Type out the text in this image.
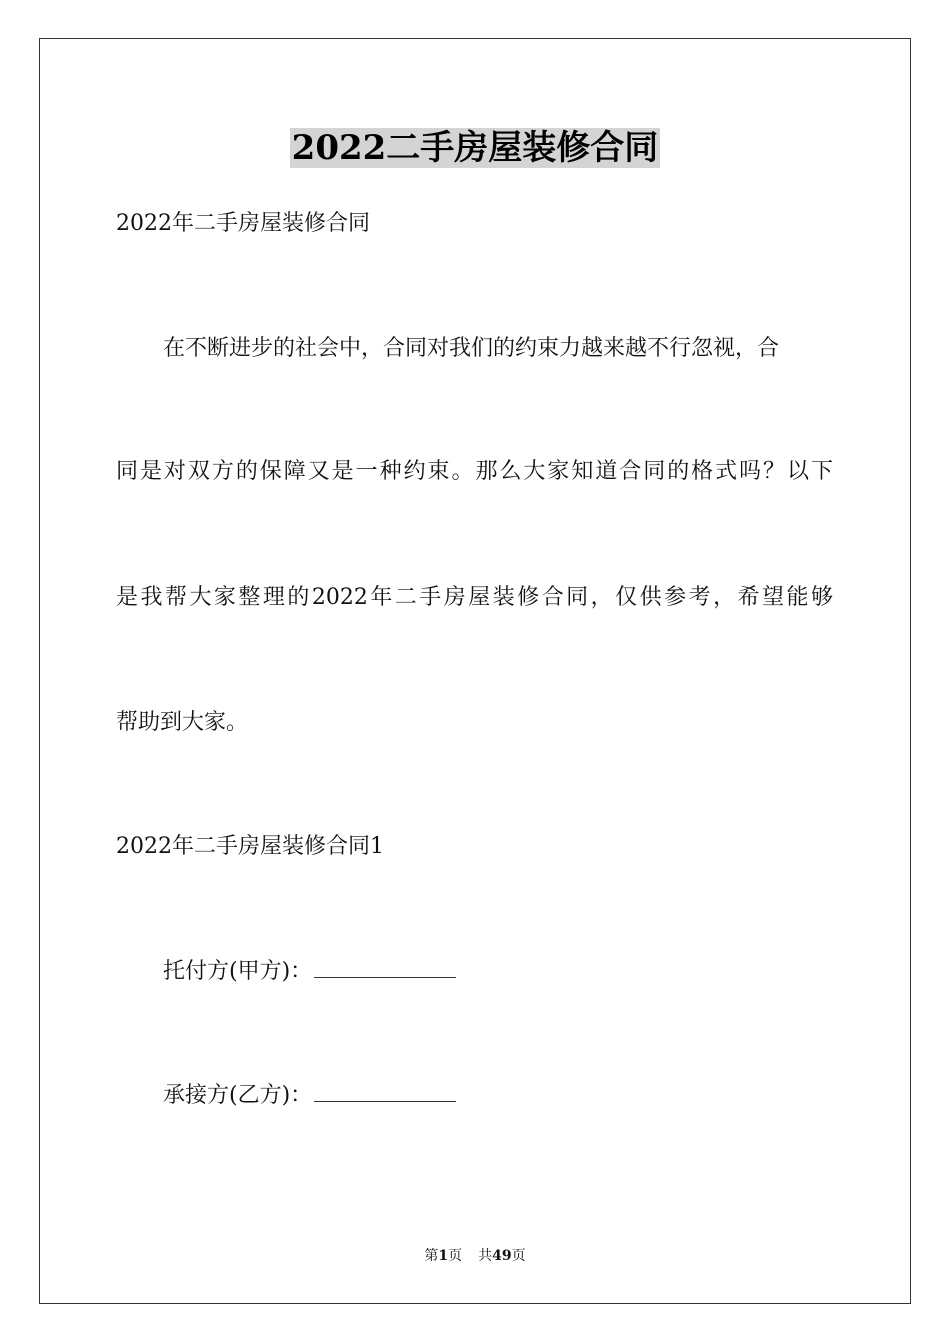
2022二手房屋装修合同
2022年二手房屋装修合同
在不断进步的社会中，合同对我们的约束力越来越不行忽视，合
同是对双方的保障又是一种约束。那么大家知道合同的格式吗？以下
是我帮大家整理的2022年二手房屋装修合同，仅供参考，希望能够
帮助到大家。
2022年二手房屋装修合同1
托付方(甲方)：
承接方(乙方)：
第1页 共49页
